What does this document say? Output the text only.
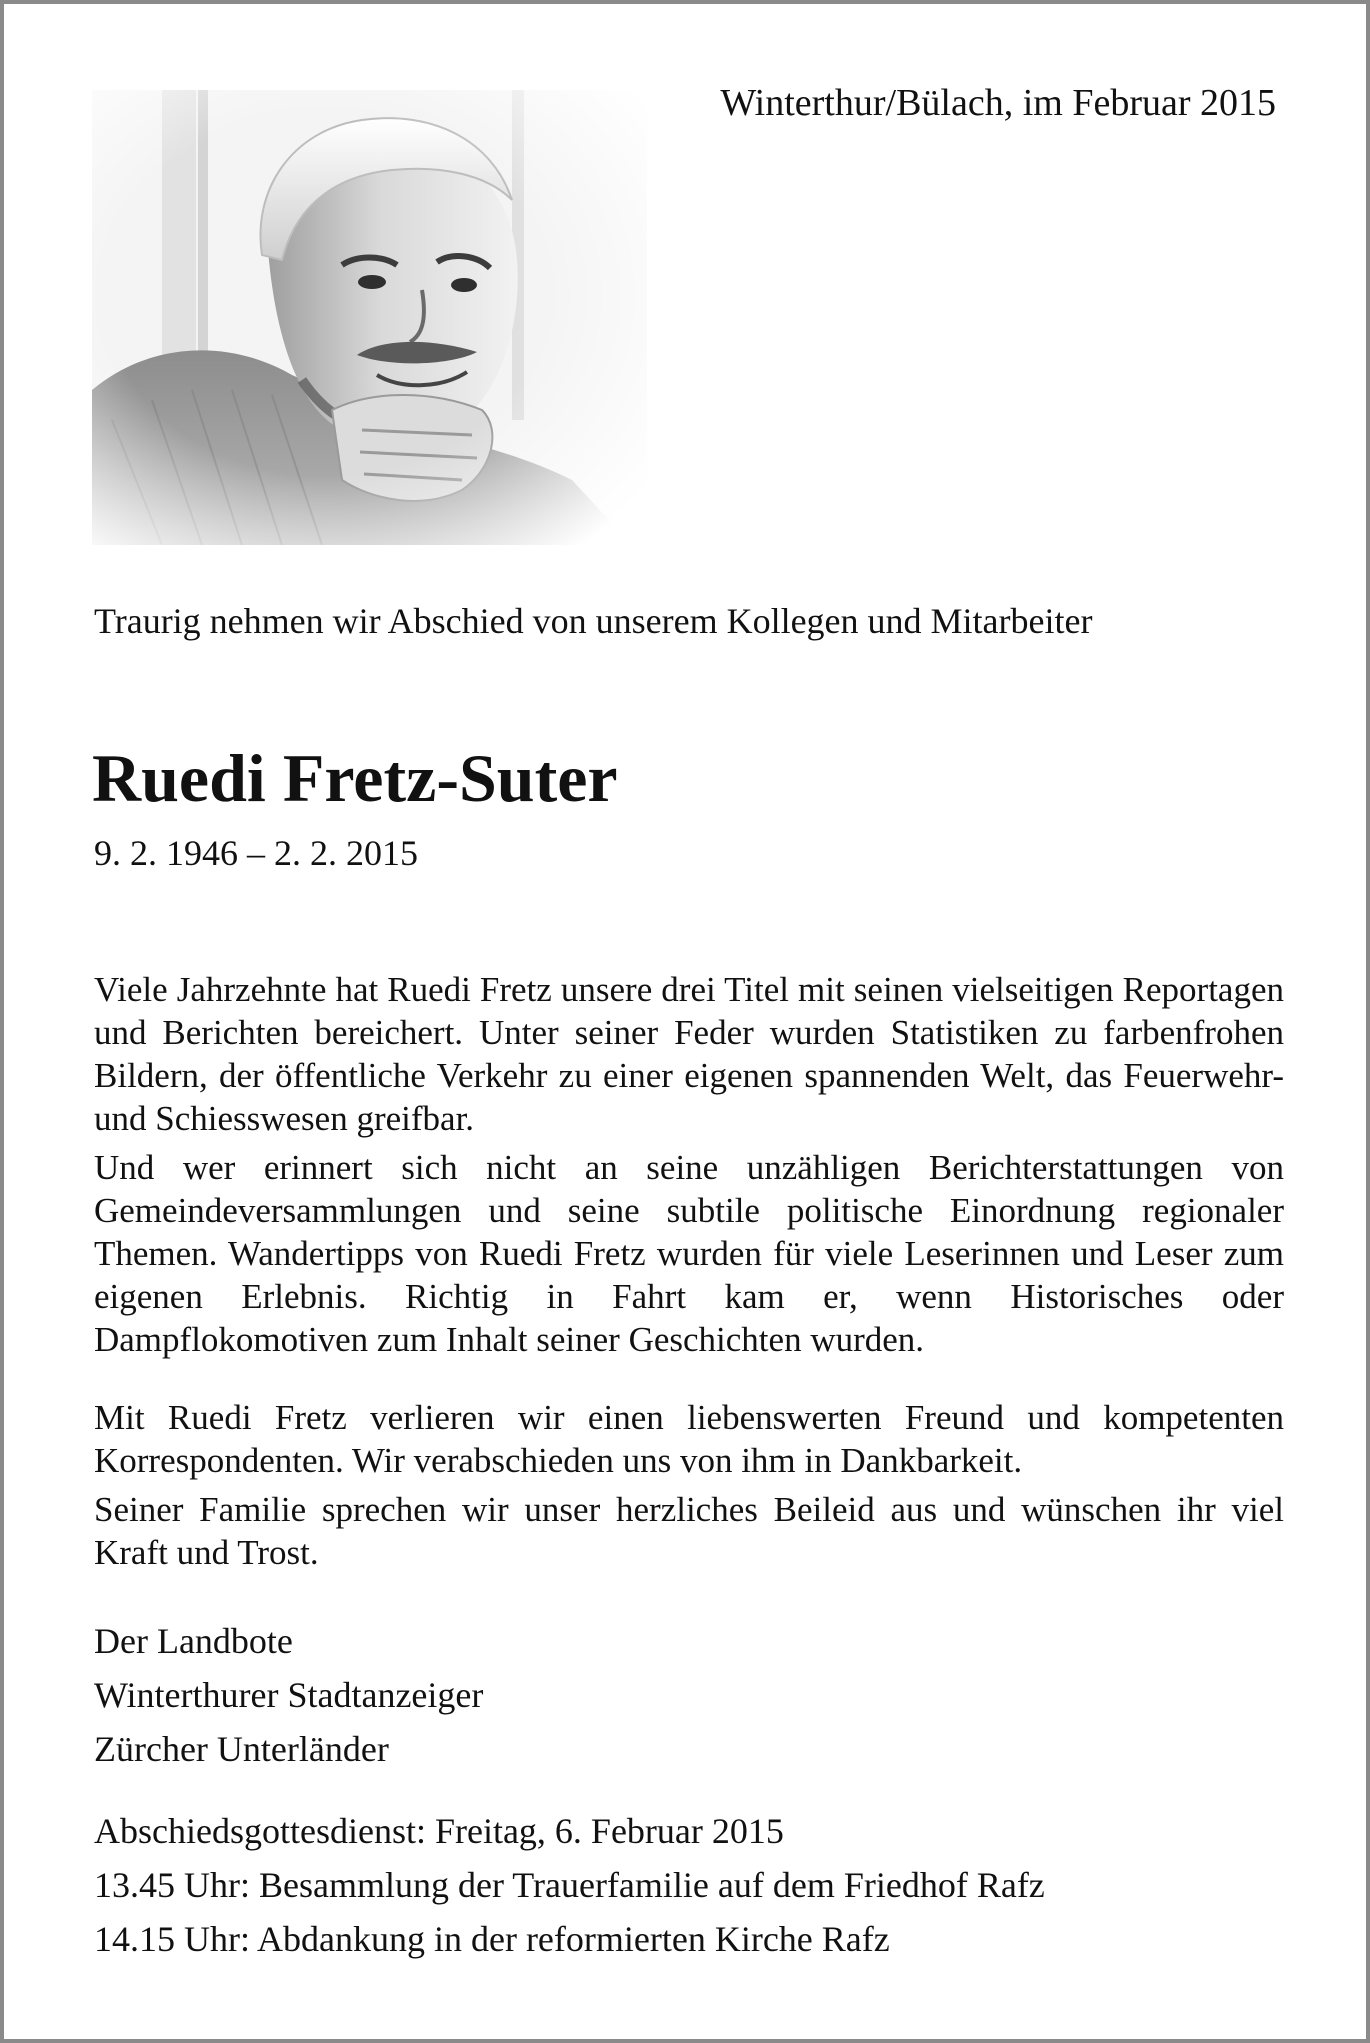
Winterthur/Bülach, im Februar 2015
Traurig nehmen wir Abschied von unserem Kollegen und Mitarbeiter
Ruedi Fretz-Suter
9. 2. 1946 – 2. 2. 2015
Viele Jahrzehnte hat Ruedi Fretz unsere drei Titel mit seinen vielseitigen Reportagen und Berichten bereichert. Unter seiner Feder wurden Statistiken zu farbenfrohen Bildern, der öffentliche Verkehr zu einer eigenen spannenden Welt, das Feuerwehr- und Schiesswesen greifbar.
Und wer erinnert sich nicht an seine unzähligen Berichterstattungen von Gemeindeversammlungen und seine subtile politische Einordnung regionaler Themen. Wandertipps von Ruedi Fretz wurden für viele Leserinnen und Leser zum eigenen Erlebnis. Richtig in Fahrt kam er, wenn Historisches oder Dampflokomotiven zum Inhalt seiner Geschichten wurden.
Mit Ruedi Fretz verlieren wir einen liebenswerten Freund und kompetenten Korrespondenten. Wir verabschieden uns von ihm in Dankbarkeit.
Seiner Familie sprechen wir unser herzliches Beileid aus und wünschen ihr viel Kraft und Trost.
Der Landbote
Winterthurer Stadtanzeiger
Zürcher Unterländer
Abschiedsgottesdienst: Freitag, 6. Februar 2015
13.45 Uhr: Besammlung der Trauerfamilie auf dem Friedhof Rafz
14.15 Uhr: Abdankung in der reformierten Kirche Rafz
